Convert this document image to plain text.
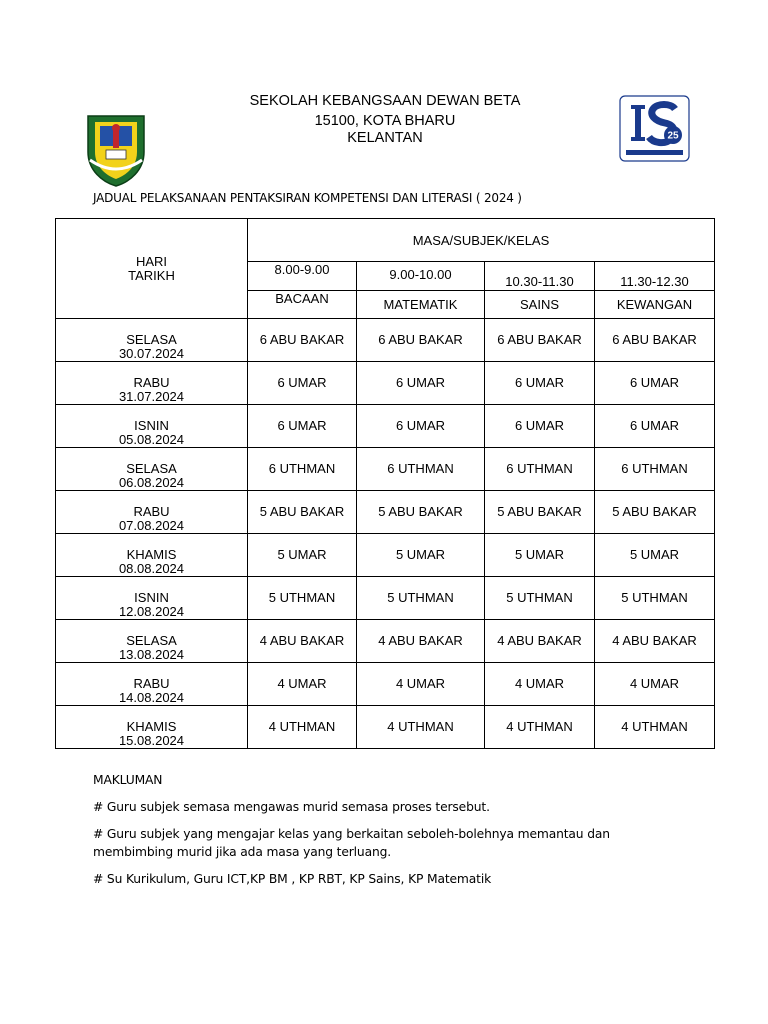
SEKOLAH KEBANGSAAN DEWAN BETA
15100, KOTA BHARU
KELANTAN	25
JADUAL PELAKSANAAN PENTAKSIRAN KOMPETENSI DAN LITERASI ( 2024 )
HARI
TARIKH	MASA/SUBJEK/KELAS			

	8.00-9.00	9.00-10.00	10.30-11.30	11.30-12.30

	BACAAN	MATEMATIK	SAINS	KEWANGAN

SELASA
30.07.2024	6 ABU BAKAR	6 ABU BAKAR	6 ABU BAKAR	6 ABU BAKAR

RABU
31.07.2024	6 UMAR	6 UMAR	6 UMAR	6 UMAR

ISNIN
05.08.2024	6 UMAR	6 UMAR	6 UMAR	6 UMAR

SELASA
06.08.2024	6 UTHMAN	6 UTHMAN	6 UTHMAN	6 UTHMAN

RABU
07.08.2024	5 ABU BAKAR	5 ABU BAKAR	5 ABU BAKAR	5 ABU BAKAR

KHAMIS
08.08.2024	5 UMAR	5 UMAR	5 UMAR	5 UMAR

ISNIN
12.08.2024	5 UTHMAN	5 UTHMAN	5 UTHMAN	5 UTHMAN

SELASA
13.08.2024	4 ABU BAKAR	4 ABU BAKAR	4 ABU BAKAR	4 ABU BAKAR

RABU
14.08.2024	4 UMAR	4 UMAR	4 UMAR	4 UMAR

KHAMIS
15.08.2024	4 UTHMAN	4 UTHMAN	4 UTHMAN	4 UTHMAN
MAKLUMAN
# Guru subjek semasa mengawas murid semasa proses tersebut.
# Guru subjek yang mengajar kelas yang berkaitan seboleh-bolehnya memantau dan membimbing murid jika ada masa yang terluang.
# Su Kurikulum, Guru ICT,KP BM , KP RBT, KP Sains, KP Matematik
